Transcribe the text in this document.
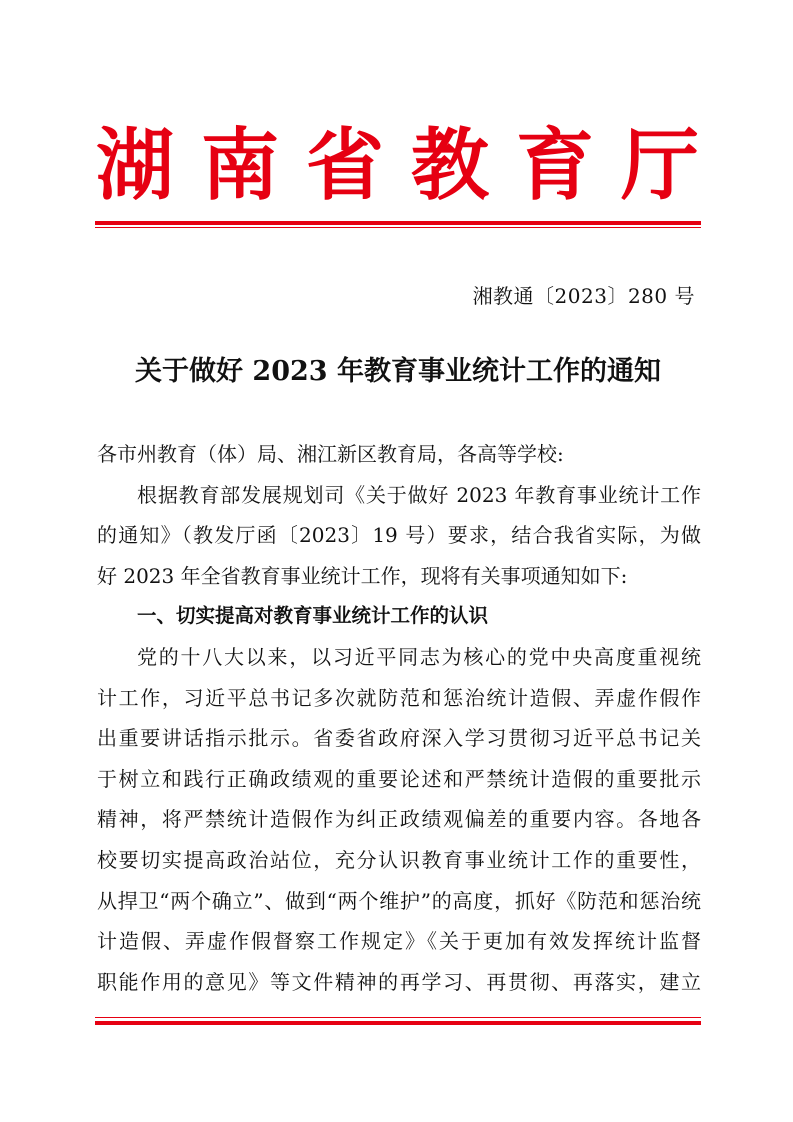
湖 南 省 教 育 厅
湘教通〔2023〕280 号
关于做好 2023 年教育事业统计工作的通知
各市州教育（体）局、湘江新区教育局，各高等学校:
根据教育部发展规划司《关于做好 2023 年教育事业统计工作
的通知》（教发厅函〔2023〕19 号）要求，结合我省实际，为做
好 2023 年全省教育事业统计工作，现将有关事项通知如下:
一、切实提高对教育事业统计工作的认识
党的十八大以来，以习近平同志为核心的党中央高度重视统
计工作，习近平总书记多次就防范和惩治统计造假、弄虚作假作
出重要讲话指示批示。省委省政府深入学习贯彻习近平总书记关
于树立和践行正确政绩观的重要论述和严禁统计造假的重要批示
精神，将严禁统计造假作为纠正政绩观偏差的重要内容。各地各
校要切实提高政治站位，充分认识教育事业统计工作的重要性，
从捍卫“两个确立”、做到“两个维护”的高度，抓好《防范和惩治统
计造假、弄虚作假督察工作规定》《关于更加有效发挥统计监督
职能作用的意见》等文件精神的再学习、再贯彻、再落实，建立
